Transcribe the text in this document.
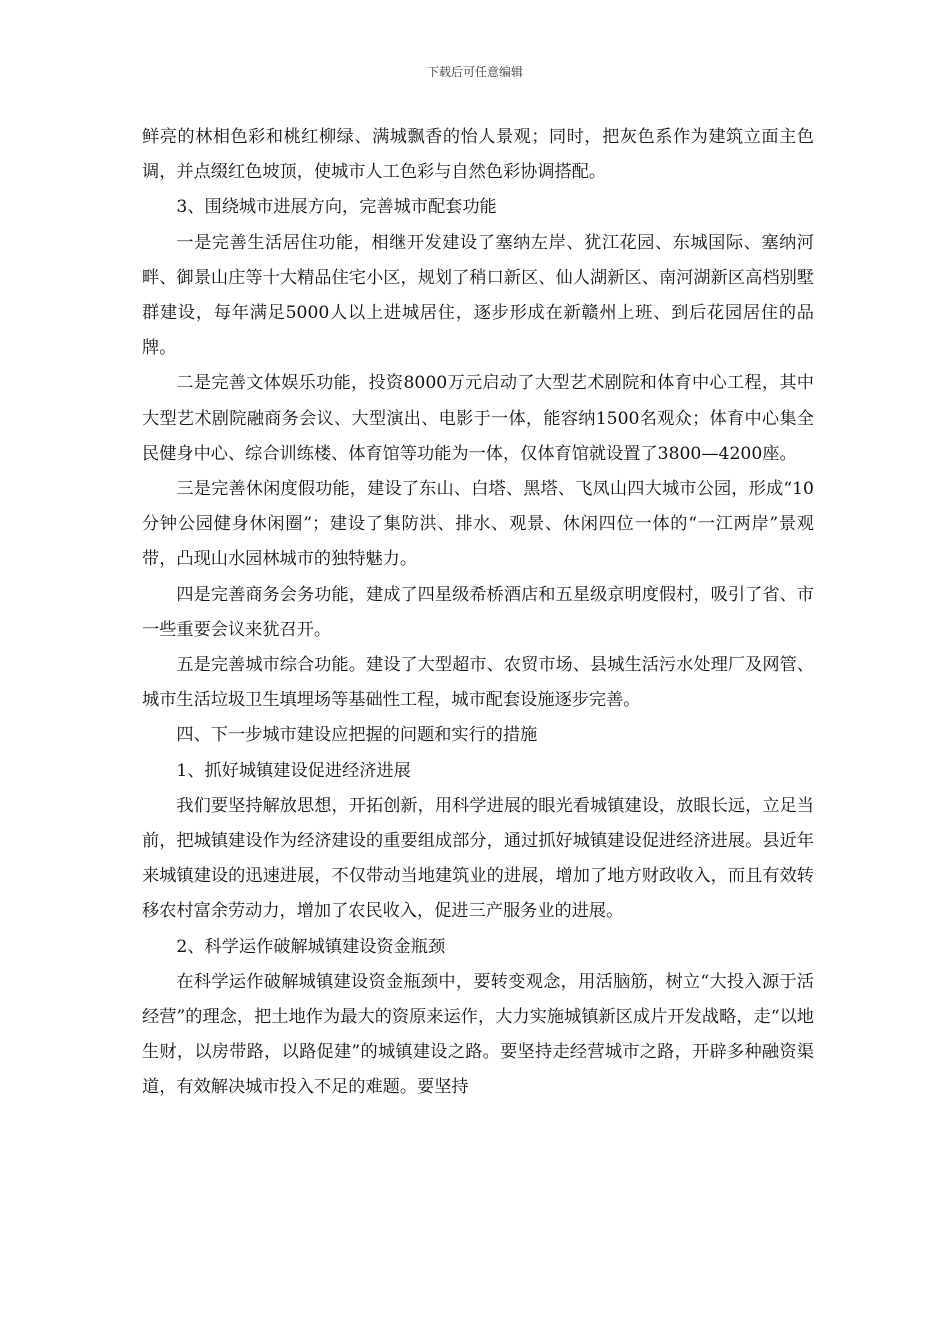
下载后可任意编辑

鲜亮的林相色彩和桃红柳绿、满城飘香的怡人景观；同时，把灰色系作为建筑立面主色调，并点缀红色坡顶，使城市人工色彩与自然色彩协调搭配。

3、围绕城市进展方向，完善城市配套功能

一是完善生活居住功能，相继开发建设了塞纳左岸、犹江花园、东城国际、塞纳河畔、御景山庄等十大精品住宅小区，规划了稍口新区、仙人湖新区、南河湖新区高档别墅群建设，每年满足5000人以上进城居住，逐步形成在新赣州上班、到后花园居住的品牌。

二是完善文体娱乐功能，投资8000万元启动了大型艺术剧院和体育中心工程，其中大型艺术剧院融商务会议、大型演出、电影于一体，能容纳1500名观众；体育中心集全民健身中心、综合训练楼、体育馆等功能为一体，仅体育馆就设置了3800—4200座。

三是完善休闲度假功能，建设了东山、白塔、黑塔、飞凤山四大城市公园，形成“10分钟公园健身休闲圈”；建设了集防洪、排水、观景、休闲四位一体的“一江两岸”景观带，凸现山水园林城市的独特魅力。

四是完善商务会务功能，建成了四星级希桥酒店和五星级京明度假村，吸引了省、市一些重要会议来犹召开。

五是完善城市综合功能。建设了大型超市、农贸市场、县城生活污水处理厂及网管、城市生活垃圾卫生填埋场等基础性工程，城市配套设施逐步完善。

四、下一步城市建设应把握的问题和实行的措施

1、抓好城镇建设促进经济进展

我们要坚持解放思想，开拓创新，用科学进展的眼光看城镇建设，放眼长远，立足当前，把城镇建设作为经济建设的重要组成部分，通过抓好城镇建设促进经济进展。县近年来城镇建设的迅速进展，不仅带动当地建筑业的进展，增加了地方财政收入，而且有效转移农村富余劳动力，增加了农民收入，促进三产服务业的进展。

2、科学运作破解城镇建设资金瓶颈

在科学运作破解城镇建设资金瓶颈中，要转变观念，用活脑筋，树立“大投入源于活经营”的理念，把土地作为最大的资原来运作，大力实施城镇新区成片开发战略，走“以地生财，以房带路，以路促建”的城镇建设之路。要坚持走经营城市之路，开辟多种融资渠道，有效解决城市投入不足的难题。要坚持
